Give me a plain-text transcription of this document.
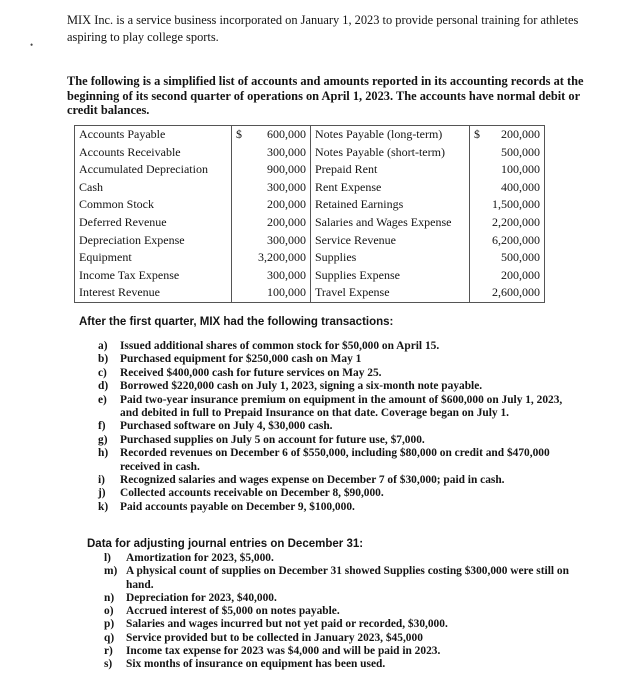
•

MIX Inc. is a service business incorporated on January 1, 2023 to provide personal training for athletes aspiring to play college sports.

The following is a simplified list of accounts and amounts reported in its accounting records at the beginning of its second quarter of operations on April 1, 2023. The accounts have normal debit or credit balances.

Accounts Payable	$ 600,000	Notes Payable (long-term)	$ 200,000
Accounts Receivable	300,000	Notes Payable (short-term)	500,000
Accumulated Depreciation	900,000	Prepaid Rent	100,000
Cash	300,000	Rent Expense	400,000
Common Stock	200,000	Retained Earnings	1,500,000
Deferred Revenue	200,000	Salaries and Wages Expense	2,200,000
Depreciation Expense	300,000	Service Revenue	6,200,000
Equipment	3,200,000	Supplies	500,000
Income Tax Expense	300,000	Supplies Expense	200,000
Interest Revenue	100,000	Travel Expense	2,600,000
After the first quarter, MIX had the following transactions:
a) Issued additional shares of common stock for $50,000 on April 15.
b) Purchased equipment for $250,000 cash on May 1
c) Received $400,000 cash for future services on May 25.
d) Borrowed $220,000 cash on July 1, 2023, signing a six-month note payable.
e) Paid two-year insurance premium on equipment in the amount of $600,000 on July 1, 2023, and debited in full to Prepaid Insurance on that date. Coverage began on July 1.
f) Purchased software on July 4, $30,000 cash.
g) Purchased supplies on July 5 on account for future use, $7,000.
h) Recorded revenues on December 6 of $550,000, including $80,000 on credit and $470,000 received in cash.
i) Recognized salaries and wages expense on December 7 of $30,000; paid in cash.
j) Collected accounts receivable on December 8, $90,000.
k) Paid accounts payable on December 9, $100,000.
Data for adjusting journal entries on December 31:
l) Amortization for 2023, $5,000.
m) A physical count of supplies on December 31 showed Supplies costing $300,000 were still on hand.
n) Depreciation for 2023, $40,000.
o) Accrued interest of $5,000 on notes payable.
p) Salaries and wages incurred but not yet paid or recorded, $30,000.
q) Service provided but to be collected in January 2023, $45,000
r) Income tax expense for 2023 was $4,000 and will be paid in 2023.
s) Six months of insurance on equipment has been used.
